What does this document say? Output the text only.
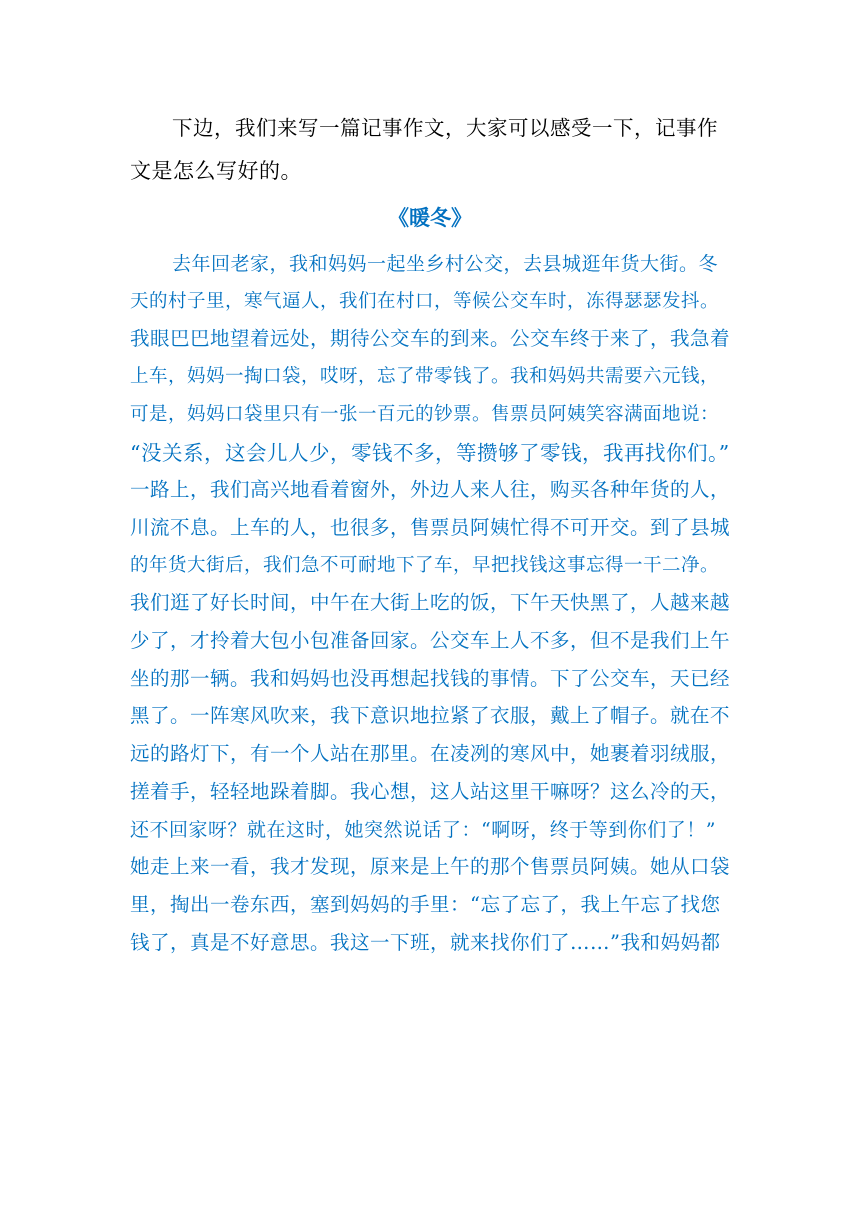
下边，我们来写一篇记事作文，大家可以感受一下，记事作
文是怎么写好的。
《暖冬》
去年回老家，我和妈妈一起坐乡村公交，去县城逛年货大街。冬
天的村子里，寒气逼人，我们在村口，等候公交车时，冻得瑟瑟发抖。
我眼巴巴地望着远处，期待公交车的到来。公交车终于来了，我急着
上车，妈妈一掏口袋，哎呀，忘了带零钱了。我和妈妈共需要六元钱，
可是，妈妈口袋里只有一张一百元的钞票。售票员阿姨笑容满面地说：
“没关系，这会儿人少，零钱不多，等攒够了零钱，我再找你们。”
一路上，我们高兴地看着窗外，外边人来人往，购买各种年货的人，
川流不息。上车的人，也很多，售票员阿姨忙得不可开交。到了县城
的年货大街后，我们急不可耐地下了车，早把找钱这事忘得一干二净。
我们逛了好长时间，中午在大街上吃的饭，下午天快黑了，人越来越
少了，才拎着大包小包准备回家。公交车上人不多，但不是我们上午
坐的那一辆。我和妈妈也没再想起找钱的事情。下了公交车，天已经
黑了。一阵寒风吹来，我下意识地拉紧了衣服，戴上了帽子。就在不
远的路灯下，有一个人站在那里。在凌冽的寒风中，她裹着羽绒服，
搓着手，轻轻地跺着脚。我心想，这人站这里干嘛呀？这么冷的天，
还不回家呀？就在这时，她突然说话了：“啊呀，终于等到你们了！”
她走上来一看，我才发现，原来是上午的那个售票员阿姨。她从口袋
里，掏出一卷东西，塞到妈妈的手里：“忘了忘了，我上午忘了找您
钱了，真是不好意思。我这一下班，就来找你们了……”我和妈妈都
